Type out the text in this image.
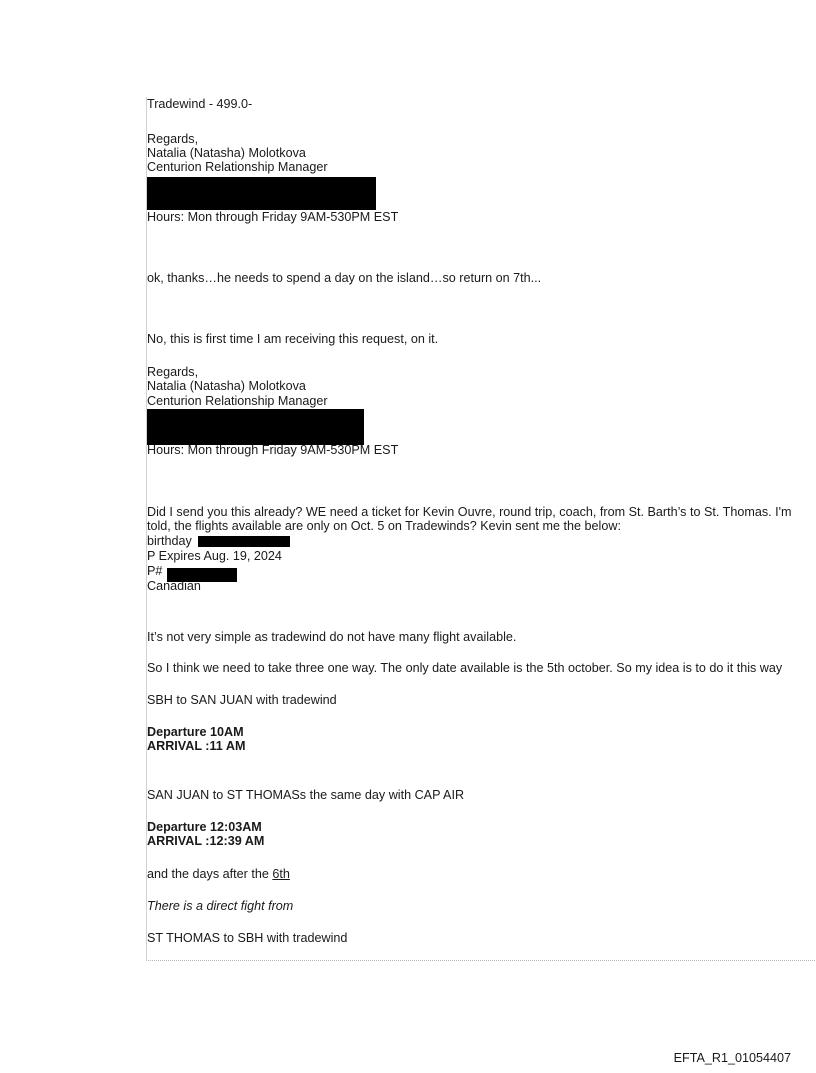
Tradewind - 499.0-
Regards,
Natalia (Natasha) Molotkova
Centurion Relationship Manager
Hours: Mon through Friday 9AM-530PM EST
ok, thanks…he needs to spend a day on the island…so return on 7th...
No, this is first time I am receiving this request, on it.
Regards,
Natalia (Natasha) Molotkova
Centurion Relationship Manager
Hours: Mon through Friday 9AM-530PM EST
Did I send you this already? WE need a ticket for Kevin Ouvre, round trip, coach, from St. Barth’s to St. Thomas. I'm
told, the flights available are only on Oct. 5 on Tradewinds? Kevin sent me the below:
birthday
P Expires Aug. 19, 2024
P#
Canadian
It’s not very simple as tradewind do not have many flight available.
So I think we need to take three one way. The only date available is the 5th october. So my idea is to do it this way
SBH to SAN JUAN with tradewind
Departure 10AM
ARRIVAL :11 AM
SAN JUAN to ST THOMASs the same day with CAP AIR
Departure 12:03AM
ARRIVAL :12:39 AM
and the days after the 6th
There is a direct fight from
ST THOMAS to SBH with tradewind
EFTA_R1_01054407
